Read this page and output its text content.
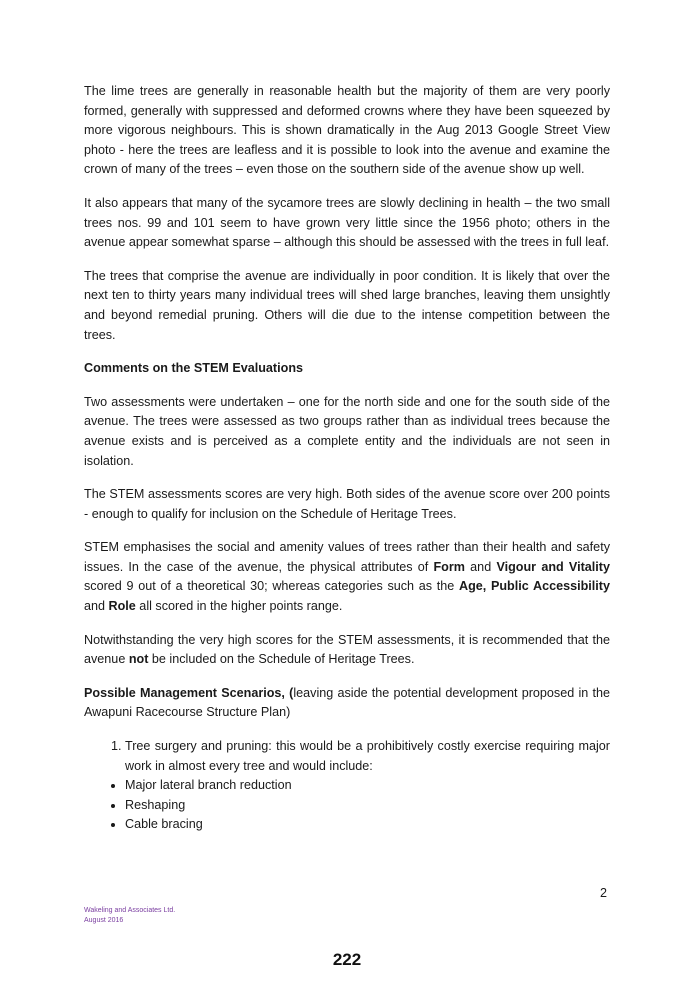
The lime trees are generally in reasonable health but the majority of them are very poorly formed, generally with suppressed and deformed crowns where they have been squeezed by more vigorous neighbours. This is shown dramatically in the Aug 2013 Google Street View photo - here the trees are leafless and it is possible to look into the avenue and examine the crown of many of the trees – even those on the southern side of the avenue show up well.

It also appears that many of the sycamore trees are slowly declining in health – the two small trees nos. 99 and 101 seem to have grown very little since the 1956 photo; others in the avenue appear somewhat sparse – although this should be assessed with the trees in full leaf.

The trees that comprise the avenue are individually in poor condition. It is likely that over the next ten to thirty years many individual trees will shed large branches, leaving them unsightly and beyond remedial pruning. Others will die due to the intense competition between the trees.

Comments on the STEM Evaluations

Two assessments were undertaken – one for the north side and one for the south side of the avenue. The trees were assessed as two groups rather than as individual trees because the avenue exists and is perceived as a complete entity and the individuals are not seen in isolation.

The STEM assessments scores are very high. Both sides of the avenue score over 200 points - enough to qualify for inclusion on the Schedule of Heritage Trees.

STEM emphasises the social and amenity values of trees rather than their health and safety issues. In the case of the avenue, the physical attributes of Form and Vigour and Vitality scored 9 out of a theoretical 30; whereas categories such as the Age, Public Accessibility and Role all scored in the higher points range.

Notwithstanding the very high scores for the STEM assessments, it is recommended that the avenue not be included on the Schedule of Heritage Trees.

Possible Management Scenarios, (leaving aside the potential development proposed in the Awapuni Racecourse Structure Plan)

1. Tree surgery and pruning: this would be a prohibitively costly exercise requiring major work in almost every tree and would include:
• Major lateral branch reduction
• Reshaping
• Cable bracing
2
Wakeling and Associates Ltd.
August 2016
222
